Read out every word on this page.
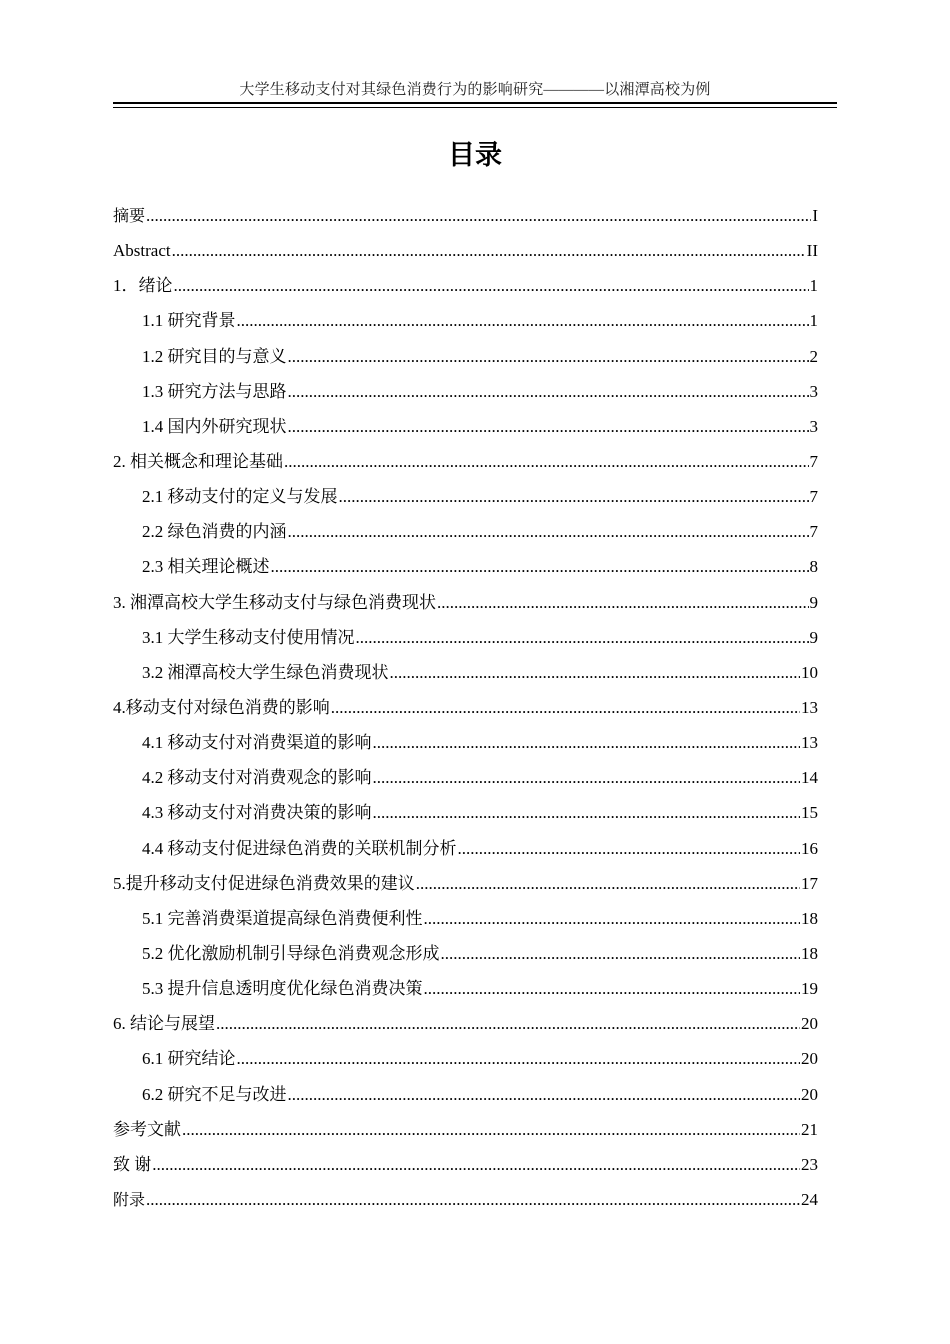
大学生移动支付对其绿色消费行为的影响研究————以湘潭高校为例
目录
摘要 .....	I
Abstract .....	II
1．绪论 .....	1
1.1 研究背景 .....	1
1.2 研究目的与意义 .....	2
1.3 研究方法与思路 .....	3
1.4 国内外研究现状 .....	3
2. 相关概念和理论基础 .....	7
2.1 移动支付的定义与发展 .....	7
2.2 绿色消费的内涵 .....	7
2.3 相关理论概述 .....	8
3. 湘潭高校大学生移动支付与绿色消费现状 .....	9
3.1 大学生移动支付使用情况 .....	9
3.2 湘潭高校大学生绿色消费现状 .....	10
4.移动支付对绿色消费的影响 .....	13
4.1 移动支付对消费渠道的影响 .....	13
4.2 移动支付对消费观念的影响 .....	14
4.3 移动支付对消费决策的影响 .....	15
4.4 移动支付促进绿色消费的关联机制分析 .....	16
5.提升移动支付促进绿色消费效果的建议 .....	17
5.1 完善消费渠道提高绿色消费便利性 .....	18
5.2 优化激励机制引导绿色消费观念形成 .....	18
5.3 提升信息透明度优化绿色消费决策 .....	19
6. 结论与展望 .....	20
6.1 研究结论 .....	20
6.2 研究不足与改进 .....	20
参考文献 .....	21
致 谢 .....	23
附录 .....	24
